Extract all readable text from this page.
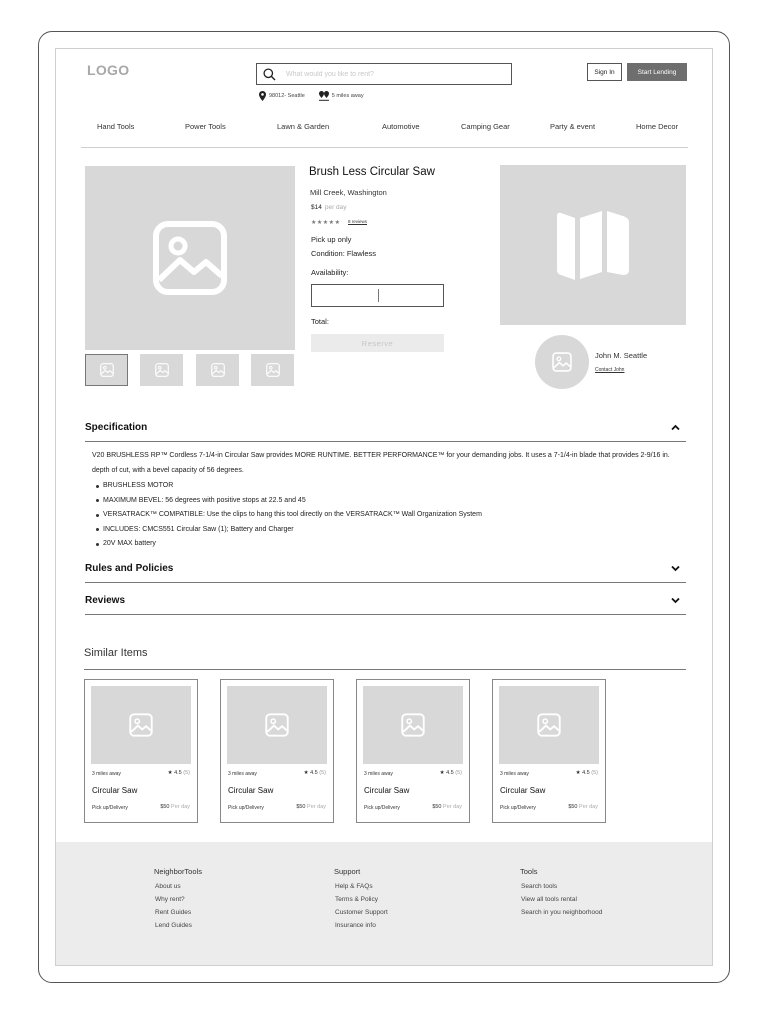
LOGO
What would you like to rent?
98012- Seattle	5 miles away
Sign In	Start Lending
Hand Tools	Power Tools	Lawn & Garden	Automotive	Camping Gear	Party & event	Home Decor
Brush Less Circular Saw
Mill Creek, Washington
$14 per day
★★★★★ 8 reviews
Pick up only
Condition: Flawless
Availability:
Total:
Reserve
John M. Seattle
Contact John
Specification
V20 BRUSHLESS RP™ Cordless 7-1/4-in Circular Saw provides MORE RUNTIME. BETTER PERFORMANCE™ for your demanding jobs. It uses a 7-1/4-in blade that provides 2-9/16 in. depth of cut, with a bevel capacity of 56 degrees.
BRUSHLESS MOTOR
MAXIMUM BEVEL: 56 degrees with positive stops at 22.5 and 45
VERSATRACK™ COMPATIBLE: Use the clips to hang this tool directly on the VERSATRACK™ Wall Organization System
INCLUDES: CMCS551 Circular Saw (1); Battery and Charger
20V MAX battery
Rules and Policies
Reviews
Similar Items
3 miles away	★ 4.5 (5)
Circular Saw
Pick up/Delivery	$50 Per day
3 miles away	★ 4.5 (5)
Circular Saw
Pick up/Delivery	$50 Per day
3 miles away	★ 4.5 (5)
Circular Saw
Pick up/Delivery	$50 Per day
3 miles away	★ 4.5 (5)
Circular Saw
Pick up/Delivery	$50 Per day
NeighborTools
About us
Why rent?
Rent Guides
Lend Guides
Support
Help & FAQs
Terms & Policy
Customer Support
Insurance info
Tools
Search tools
View all tools rental
Search in you neighborhood
